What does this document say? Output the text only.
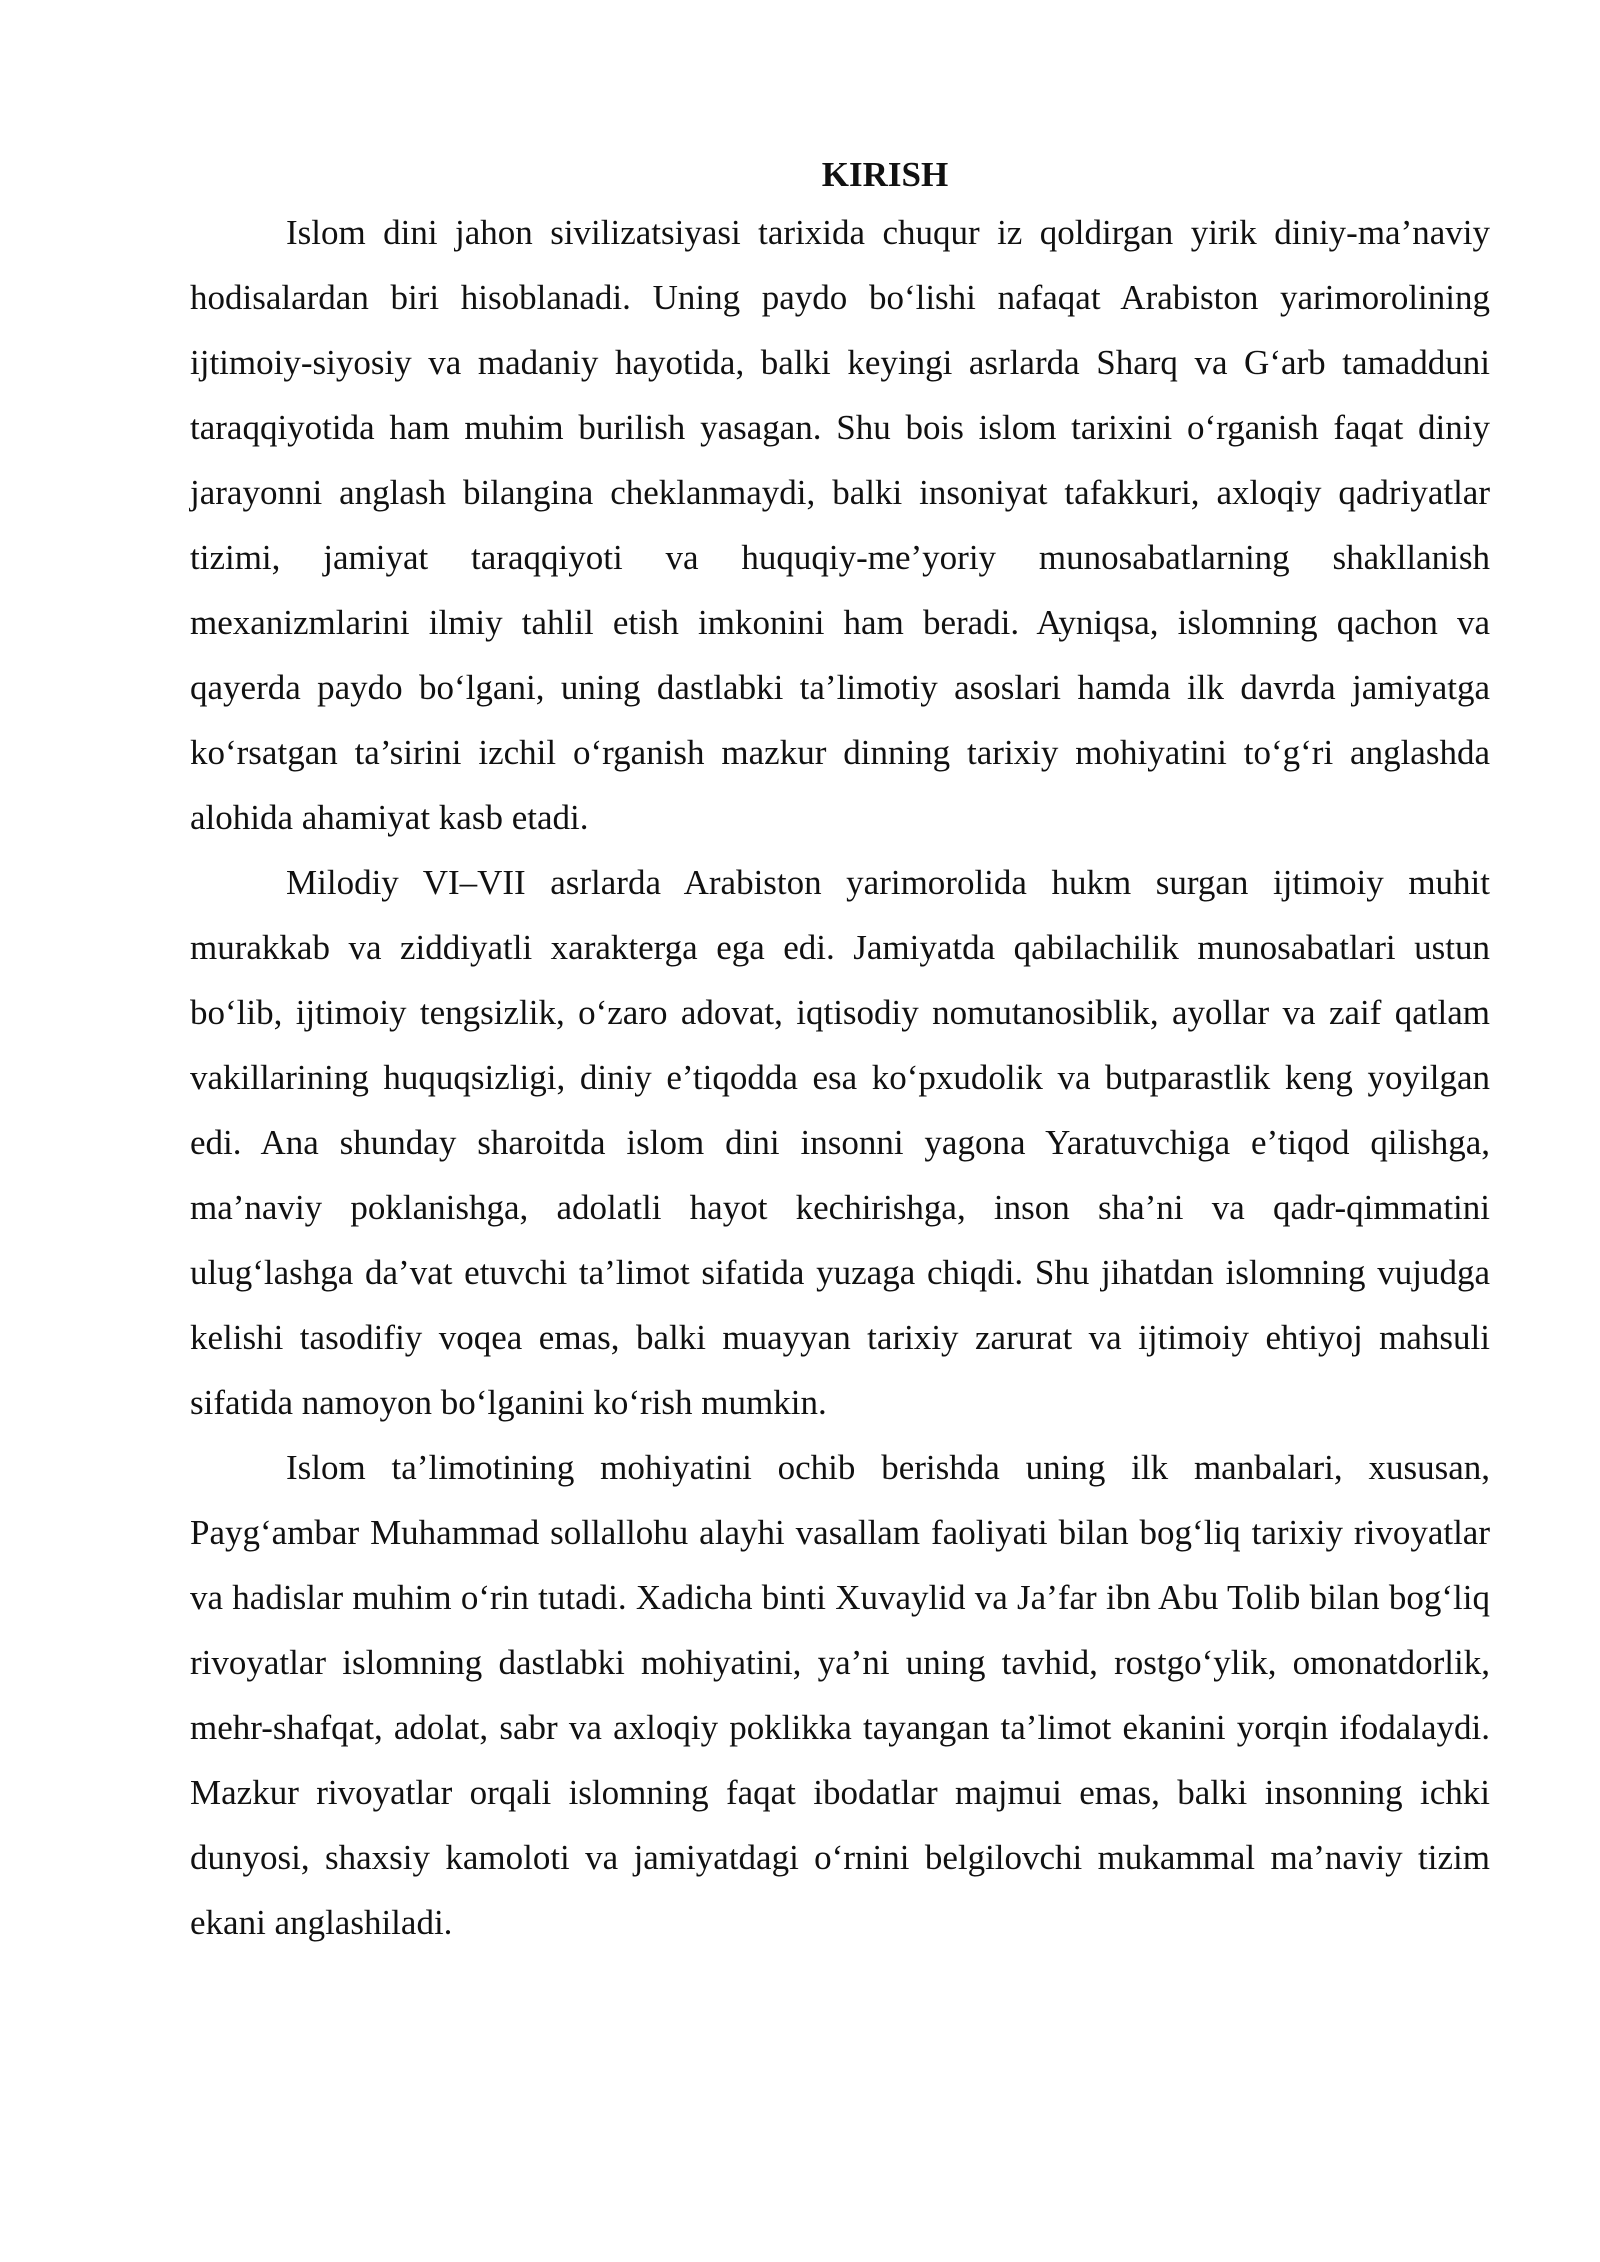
KIRISH

Islom dini jahon sivilizatsiyasi tarixida chuqur iz qoldirgan yirik diniy-ma’naviy hodisalardan biri hisoblanadi. Uning paydo bo‘lishi nafaqat Arabiston yarimorolining ijtimoiy-siyosiy va madaniy hayotida, balki keyingi asrlarda Sharq va G‘arb tamadduni taraqqiyotida ham muhim burilish yasagan. Shu bois islom tarixini o‘rganish faqat diniy jarayonni anglash bilangina cheklanmaydi, balki insoniyat tafakkuri, axloqiy qadriyatlar tizimi, jamiyat taraqqiyoti va huquqiy-me’yoriy munosabatlarning shakllanish mexanizmlarini ilmiy tahlil etish imkonini ham beradi. Ayniqsa, islomning qachon va qayerda paydo bo‘lgani, uning dastlabki ta’limotiy asoslari hamda ilk davrda jamiyatga ko‘rsatgan ta’sirini izchil o‘rganish mazkur dinning tarixiy mohiyatini to‘g‘ri anglashda alohida ahamiyat kasb etadi.

Milodiy VI–VII asrlarda Arabiston yarimorolida hukm surgan ijtimoiy muhit murakkab va ziddiyatli xarakterga ega edi. Jamiyatda qabilachilik munosabatlari ustun bo‘lib, ijtimoiy tengsizlik, o‘zaro adovat, iqtisodiy nomutanosiblik, ayollar va zaif qatlam vakillarining huquqsizligi, diniy e’tiqodda esa ko‘pxudolik va butparastlik keng yoyilgan edi. Ana shunday sharoitda islom dini insonni yagona Yaratuvchiga e’tiqod qilishga, ma’naviy poklanishga, adolatli hayot kechirishga, inson sha’ni va qadr-qimmatini ulug‘lashga da’vat etuvchi ta’limot sifatida yuzaga chiqdi. Shu jihatdan islomning vujudga kelishi tasodifiy voqea emas, balki muayyan tarixiy zarurat va ijtimoiy ehtiyoj mahsuli sifatida namoyon bo‘lganini ko‘rish mumkin.

Islom ta’limotining mohiyatini ochib berishda uning ilk manbalari, xususan, Payg‘ambar Muhammad sollallohu alayhi vasallam faoliyati bilan bog‘liq tarixiy rivoyatlar va hadislar muhim o‘rin tutadi. Xadicha binti Xuvaylid va Ja’far ibn Abu Tolib bilan bog‘liq rivoyatlar islomning dastlabki mohiyatini, ya’ni uning tavhid, rostgo‘ylik, omonatdorlik, mehr-shafqat, adolat, sabr va axloqiy poklikka tayangan ta’limot ekanini yorqin ifodalaydi. Mazkur rivoyatlar orqali islomning faqat ibodatlar majmui emas, balki insonning ichki dunyosi, shaxsiy kamoloti va jamiyatdagi o‘rnini belgilovchi mukammal ma’naviy tizim ekani anglashiladi.
